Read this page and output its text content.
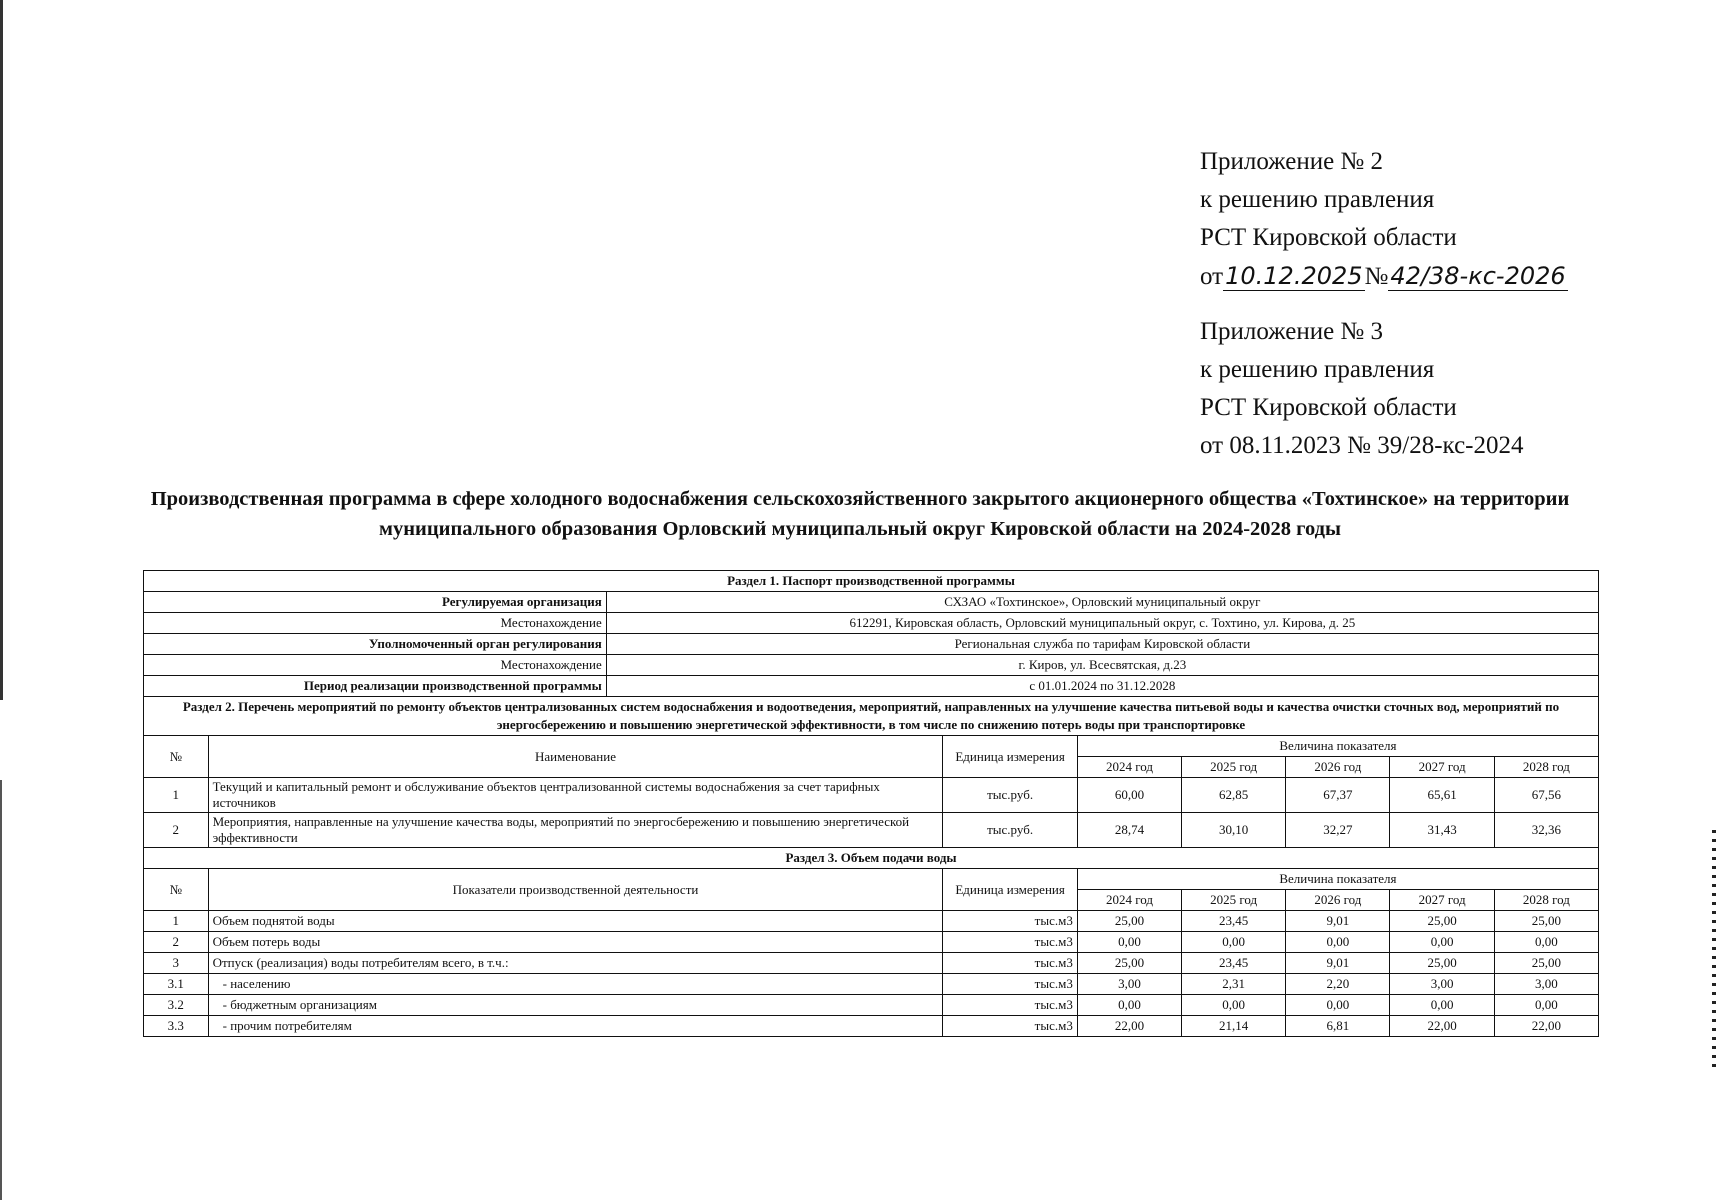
Приложение № 2
к решению правления
РСТ Кировской области
от10.12.2025№42/38-кс-2026
Приложение № 3
к решению правления
РСТ Кировской области
от 08.11.2023 № 39/28-кс-2024
Производственная программа в сфере холодного водоснабжения сельскохозяйственного закрытого акционерного общества «Тохтинское» на территории муниципального образования Орловский муниципальный округ Кировской области на 2024-2028 годы
Раздел 1. Паспорт производственной программы								
Регулируемая организация		СХЗАО «Тохтинское», Орловский муниципальный округ						
Местонахождение		612291, Кировская область, Орловский муниципальный округ, с. Тохтино, ул. Кирова, д. 25						
Уполномоченный орган регулирования		Региональная служба по тарифам Кировской области						
Местонахождение		г. Киров, ул. Всесвятская, д.23						
Период реализации производственной программы		с 01.01.2024 по 31.12.2028						
Раздел 2. Перечень мероприятий по ремонту объектов централизованных систем водоснабжения и водоотведения, мероприятий, направленных на улучшение качества питьевой воды и качества очистки сточных вод, мероприятий по энергосбережению и повышению энергетической эффективности, в том числе по снижению потерь воды при транспортировке								
№	Наименование		Единица измерения	Величина показателя				
				2024 год	2025 год	2026 год	2027 год	2028 год
1	Текущий и капитальный ремонт и обслуживание объектов централизованной системы водоснабжения за счет тарифных источников		тыс.руб.	60,00	62,85	67,37	65,61	67,56
2	Мероприятия, направленные на улучшение качества воды, мероприятий по энергосбережению и повышению энергетической эффективности		тыс.руб.	28,74	30,10	32,27	31,43	32,36
Раздел 3. Объем подачи воды								
№	Показатели производственной деятельности		Единица измерения	Величина показателя				
				2024 год	2025 год	2026 год	2027 год	2028 год
1	Объем поднятой воды		тыс.м3	25,00	23,45	9,01	25,00	25,00
2	Объем потерь воды		тыс.м3	0,00	0,00	0,00	0,00	0,00
3	Отпуск (реализация) воды потребителям всего, в т.ч.:		тыс.м3	25,00	23,45	9,01	25,00	25,00
3.1	- населению		тыс.м3	3,00	2,31	2,20	3,00	3,00
3.2	- бюджетным организациям		тыс.м3	0,00	0,00	0,00	0,00	0,00
3.3	- прочим потребителям		тыс.м3	22,00	21,14	6,81	22,00	22,00
